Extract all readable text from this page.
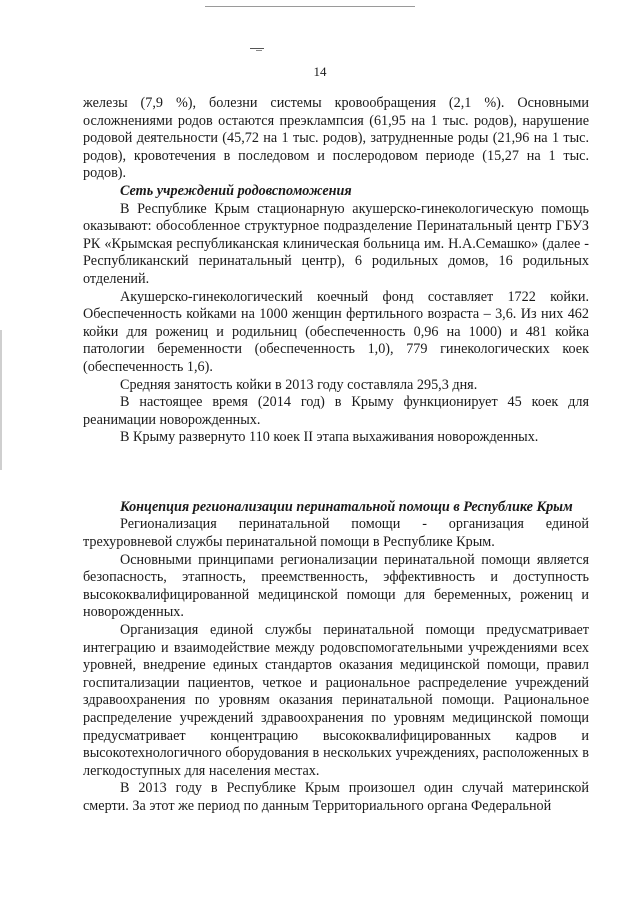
14

железы (7,9 %), болезни системы кровообращения (2,1 %). Основными осложнениями родов остаются преэклампсия (61,95 на 1 тыс. родов), нарушение родовой деятельности (45,72 на 1 тыс. родов), затрудненные роды (21,96 на 1 тыс. родов), кровотечения в последовом и послеродовом периоде (15,27 на 1 тыс. родов).

Сеть учреждений родовспоможения

В Республике Крым стационарную акушерско-гинекологическую помощь оказывают: обособленное структурное подразделение Перинатальный центр ГБУЗ РК «Крымская республиканская клиническая больница им. Н.А.Семашко» (далее - Республиканский перинатальный центр), 6 родильных домов, 16 родильных отделений.

Акушерско-гинекологический коечный фонд составляет 1722 койки. Обеспеченность койками на 1000 женщин фертильного возраста – 3,6. Из них 462 койки для рожениц и родильниц (обеспеченность 0,96 на 1000) и 481 койка патологии беременности (обеспеченность 1,0), 779 гинекологических коек (обеспеченность 1,6).

Средняя занятость койки в 2013 году составляла 295,3 дня.

В настоящее время (2014 год) в Крыму функционирует 45 коек для реанимации новорожденных.

В Крыму развернуто 110 коек II этапа выхаживания новорожденных.

Концепция регионализации перинатальной помощи в Республике Крым

Регионализация перинатальной помощи - организация единой трехуровневой службы перинатальной помощи в Республике Крым.

Основными принципами регионализации перинатальной помощи является безопасность, этапность, преемственность, эффективность и доступность высококвалифицированной медицинской помощи для беременных, рожениц и новорожденных.

Организация единой службы перинатальной помощи предусматривает интеграцию и взаимодействие между родовспомогательными учреждениями всех уровней, внедрение единых стандартов оказания медицинской помощи, правил госпитализации пациентов, четкое и рациональное распределение учреждений здравоохранения по уровням оказания перинатальной помощи. Рациональное распределение учреждений здравоохранения по уровням медицинской помощи предусматривает концентрацию высококвалифицированных кадров и высокотехнологичного оборудования в нескольких учреждениях, расположенных в легкодоступных для населения местах.

В 2013 году в Республике Крым произошел один случай материнской смерти. За этот же период по данным Территориального органа Федеральной
